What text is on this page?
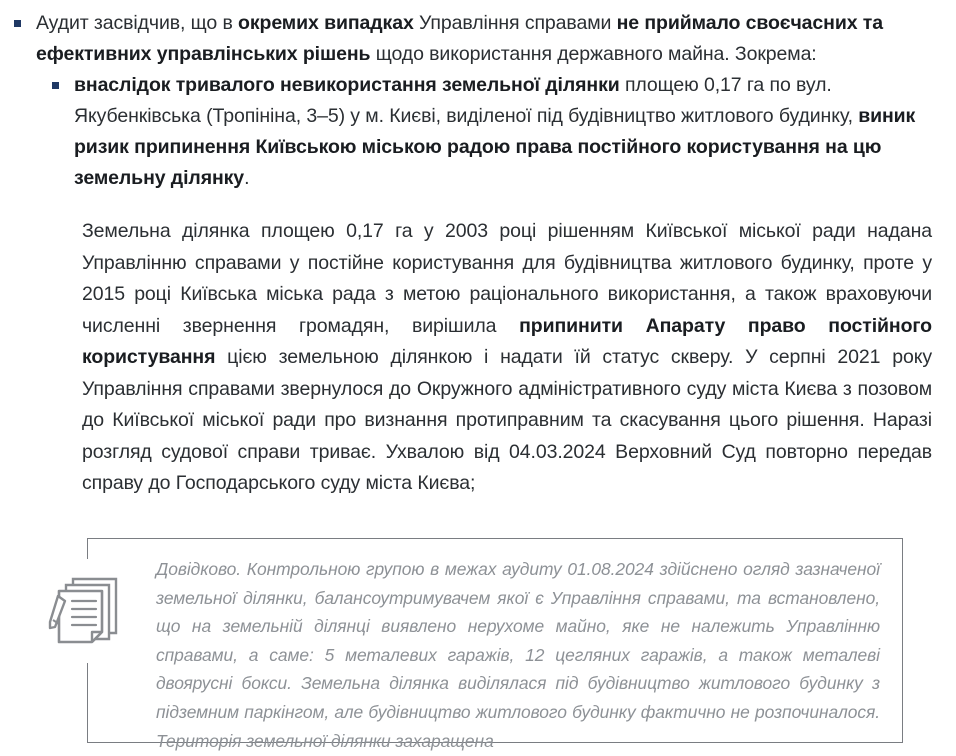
Аудит засвідчив, що в окремих випадках Управління справами не приймало своєчасних та ефективних управлінських рішень щодо використання державного майна. Зокрема:
внаслідок тривалого невикористання земельної ділянки площею 0,17 га по вул. Якубенківська (Тропініна, 3–5) у м. Києві, виділеної під будівництво житлового будинку, виник ризик припинення Київською міською радою права постійного користування на цю земельну ділянку.
Земельна ділянка площею 0,17 га у 2003 році рішенням Київської міської ради надана Управлінню справами у постійне користування для будівництва житлового будинку, проте у 2015 році Київська міська рада з метою раціонального використання, а також враховуючи численні звернення громадян, вирішила припинити Апарату право постійного користування цією земельною ділянкою і надати їй статус скверу. У серпні 2021 року Управління справами звернулося до Окружного адміністративного суду міста Києва з позовом до Київської міської ради про визнання протиправним та скасування цього рішення. Наразі розгляд судової справи триває. Ухвалою від 04.03.2024 Верховний Суд повторно передав справу до Господарського суду міста Києва;
Довідково. Контрольною групою в межах аудиту 01.08.2024 здійснено огляд зазначеної земельної ділянки, балансоутримувачем якої є Управління справами, та встановлено, що на земельній ділянці виявлено нерухоме майно, яке не належить Управлінню справами, а саме: 5 металевих гаражів, 12 цегляних гаражів, а також металеві двоярусні бокси. Земельна ділянка виділялася під будівництво житлового будинку з підземним паркінгом, але будівництво житлового будинку фактично не розпочиналося. Територія земельної ділянки захаращена
